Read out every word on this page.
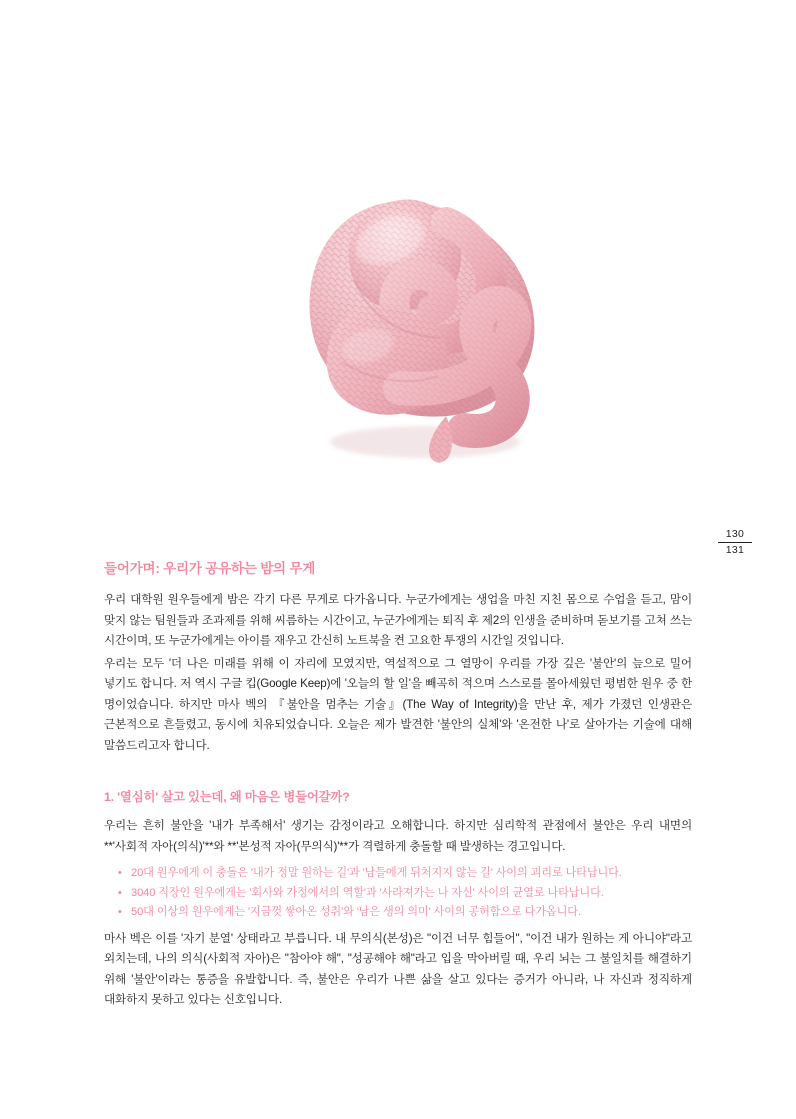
130
131
들어가며: 우리가 공유하는 밤의 무게

우리 대학원 원우들에게 밤은 각기 다른 무게로 다가옵니다. 누군가에게는 생업을 마친 지친 몸으로 수업을 듣고, 맘이 맞지 않는 팀원들과 조과제를 위해 씨름하는 시간이고, 누군가에게는 퇴직 후 제2의 인생을 준비하며 돋보기를 고쳐 쓰는 시간이며, 또 누군가에게는 아이를 재우고 간신히 노트북을 켠 고요한 투쟁의 시간일 것입니다.

우리는 모두 '더 나은 미래를 위해 이 자리에 모였지만, 역설적으로 그 열망이 우리를 가장 깊은 '불안'의 늪으로 밀어 넣기도 합니다. 저 역시 구글 킵(Google Keep)에 '오늘의 할 일'을 빼곡히 적으며 스스로를 몰아세웠던 평범한 원우 중 한 명이었습니다. 하지만 마사 벡의 『불안을 멈추는 기술』(The Way of Integrity)을 만난 후, 제가 가졌던 인생관은 근본적으로 흔들렸고, 동시에 치유되었습니다. 오늘은 제가 발견한 '불안의 실체'와 '온전한 나'로 살아가는 기술에 대해 말씀드리고자 합니다.

1. '열심히' 살고 있는데, 왜 마음은 병들어갈까?

우리는 흔히 불안을 '내가 부족해서' 생기는 감정이라고 오해합니다. 하지만 심리학적 관점에서 불안은 우리 내면의 **'사회적 자아(의식)'**와 **'본성적 자아(무의식)'**가 격렬하게 충돌할 때 발생하는 경고입니다.

• 20대 원우에게 이 충돌은 '내가 정말 원하는 길'과 '남들에게 뒤처지지 않는 길' 사이의 괴리로 나타납니다.
• 3040 직장인 원우에게는 '회사와 가정에서의 역할'과 '사라져가는 나 자신' 사이의 균열로 나타납니다.
• 50대 이상의 원우에게는 '지금껏 쌓아온 성취'와 '남은 생의 의미' 사이의 공허함으로 다가옵니다.

마사 벡은 이를 '자기 분열' 상태라고 부릅니다. 내 무의식(본성)은 "이건 너무 힘들어", "이건 내가 원하는 게 아니야"라고 외치는데, 나의 의식(사회적 자아)은 "참아야 해", "성공해야 해"라고 입을 막아버릴 때, 우리 뇌는 그 불일치를 해결하기 위해 '불안'이라는 통증을 유발합니다. 즉, 불안은 우리가 나쁜 삶을 살고 있다는 증거가 아니라, 나 자신과 정직하게 대화하지 못하고 있다는 신호입니다.
